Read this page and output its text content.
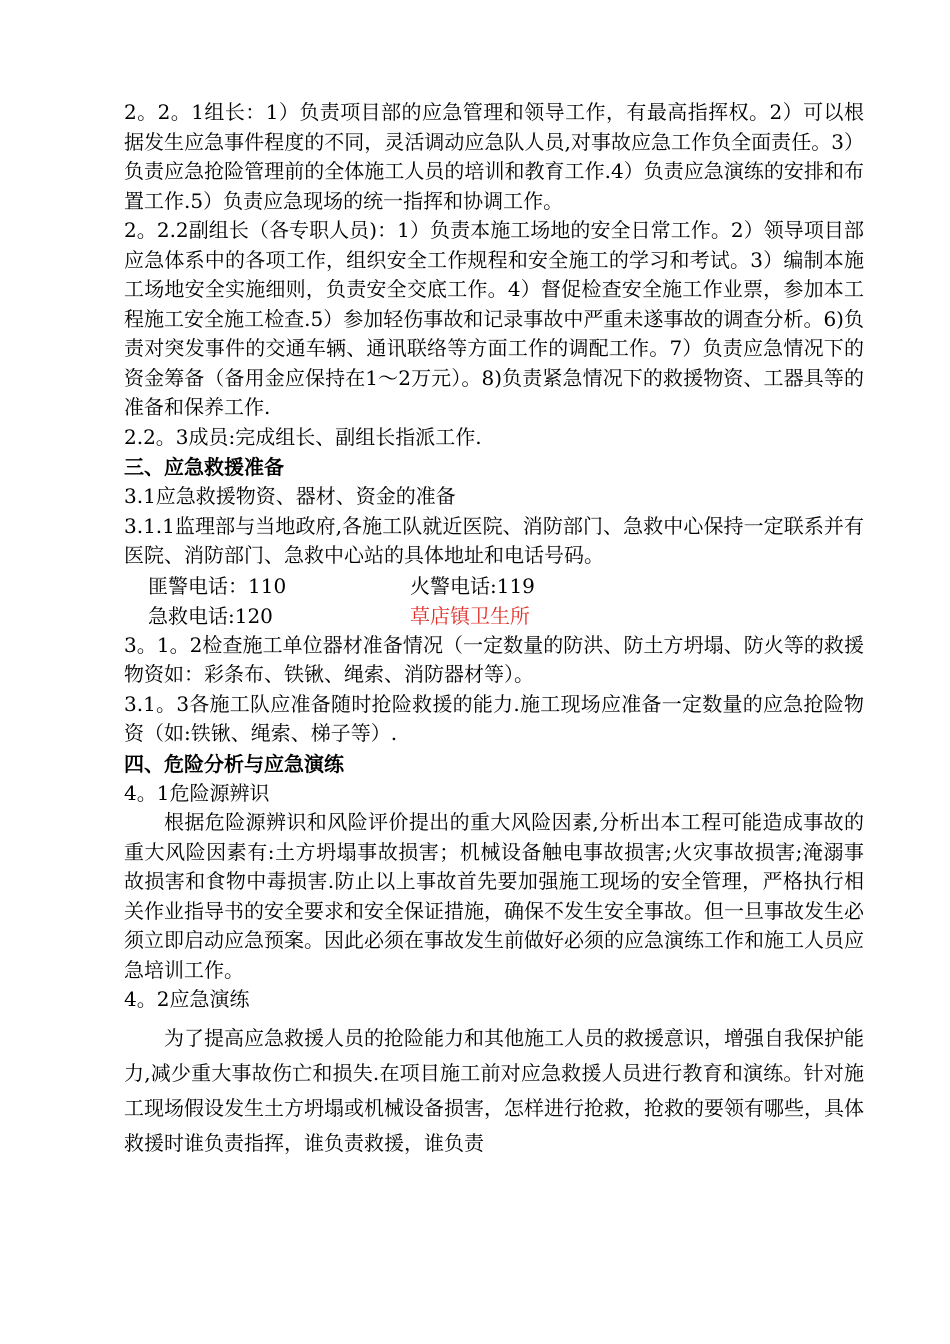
2。2。1组长：1）负责项目部的应急管理和领导工作，有最高指挥权。2）可以根据发生应急事件程度的不同，灵活调动应急队人员,对事故应急工作负全面责任。3）负责应急抢险管理前的全体施工人员的培训和教育工作.4）负责应急演练的安排和布置工作.5）负责应急现场的统一指挥和协调工作。

2。2.2副组长（各专职人员)：1）负责本施工场地的安全日常工作。2）领导项目部应急体系中的各项工作，组织安全工作规程和安全施工的学习和考试。3）编制本施工场地安全实施细则，负责安全交底工作。4）督促检查安全施工作业票，参加本工程施工安全施工检查.5）参加轻伤事故和记录事故中严重未遂事故的调查分析。6)负责对突发事件的交通车辆、通讯联络等方面工作的调配工作。7）负责应急情况下的资金筹备（备用金应保持在1～2万元）。8)负责紧急情况下的救援物资、工器具等的准备和保养工作.

2.2。3成员:完成组长、副组长指派工作.

三、应急救援准备

3.1应急救援物资、器材、资金的准备

3.1.1监理部与当地政府,各施工队就近医院、消防部门、急救中心保持一定联系并有医院、消防部门、急救中心站的具体地址和电话号码。

匪警电话：110	火警电话:119
急救电话:120	草店镇卫生所

3。1。2检查施工单位器材准备情况（一定数量的防洪、防土方坍塌、防火等的救援物资如：彩条布、铁锹、绳索、消防器材等）。

3.1。3各施工队应准备随时抢险救援的能力.施工现场应准备一定数量的应急抢险物资（如:铁锹、绳索、梯子等）.

四、危险分析与应急演练

4。1危险源辨识

根据危险源辨识和风险评价提出的重大风险因素,分析出本工程可能造成事故的重大风险因素有:土方坍塌事故损害；机械设备触电事故损害;火灾事故损害;淹溺事故损害和食物中毒损害.防止以上事故首先要加强施工现场的安全管理，严格执行相关作业指导书的安全要求和安全保证措施，确保不发生安全事故。但一旦事故发生必须立即启动应急预案。因此必须在事故发生前做好必须的应急演练工作和施工人员应急培训工作。

4。2应急演练

为了提高应急救援人员的抢险能力和其他施工人员的救援意识，增强自我保护能力,减少重大事故伤亡和损失.在项目施工前对应急救援人员进行教育和演练。针对施工现场假设发生土方坍塌或机械设备损害，怎样进行抢救，抢救的要领有哪些，具体救援时谁负责指挥，谁负责救援，谁负责
